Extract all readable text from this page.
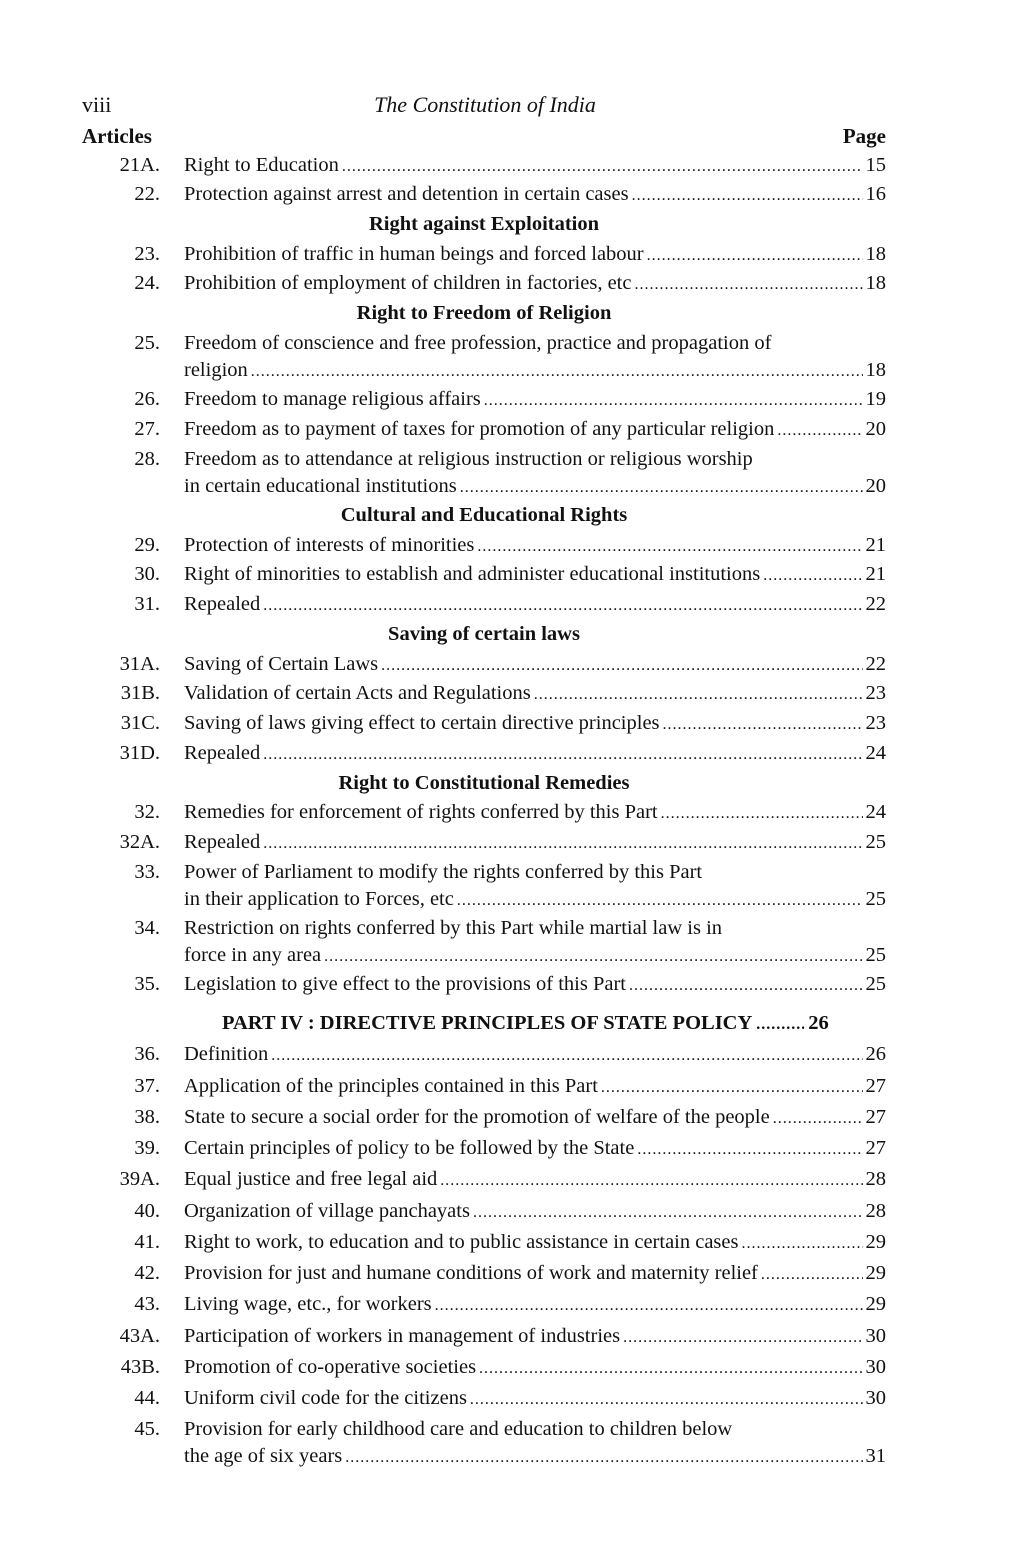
viii	The Constitution of India
Articles	Page
21A. Right to Education .....	15
22. Protection against arrest and detention in certain cases .....	16
Right against Exploitation
23. Prohibition of traffic in human beings and forced labour .....	18
24. Prohibition of employment of children in factories, etc .....	18
Right to Freedom of Religion
25. Freedom of conscience and free profession, practice and propagation of
religion .....	18
26. Freedom to manage religious affairs .....	19
27. Freedom as to payment of taxes for promotion of any particular religion .....	20
28. Freedom as to attendance at religious instruction or religious worship
in certain educational institutions .....	20
Cultural and Educational Rights
29. Protection of interests of minorities .....	21
30. Right of minorities to establish and administer educational institutions .....	21
31. Repealed .....	22
Saving of certain laws
31A. Saving of Certain Laws .....	22
31B. Validation of certain Acts and Regulations .....	23
31C. Saving of laws giving effect to certain directive principles .....	23
31D. Repealed .....	24
Right to Constitutional Remedies
32. Remedies for enforcement of rights conferred by this Part .....	24
32A. Repealed .....	25
33. Power of Parliament to modify the rights conferred by this Part
in their application to Forces, etc .....	25
34. Restriction on rights conferred by this Part while martial law is in
force in any area .....	25
35. Legislation to give effect to the provisions of this Part .....	25
PART IV : DIRECTIVE PRINCIPLES OF STATE POLICY .....	26
36. Definition .....	26
37. Application of the principles contained in this Part .....	27
38. State to secure a social order for the promotion of welfare of the people .....	27
39. Certain principles of policy to be followed by the State .....	27
39A. Equal justice and free legal aid .....	28
40. Organization of village panchayats .....	28
41. Right to work, to education and to public assistance in certain cases .....	29
42. Provision for just and humane conditions of work and maternity relief .....	29
43. Living wage, etc., for workers .....	29
43A. Participation of workers in management of industries .....	30
43B. Promotion of co-operative societies .....	30
44. Uniform civil code for the citizens .....	30
45. Provision for early childhood care and education to children below
the age of six years .....	31
